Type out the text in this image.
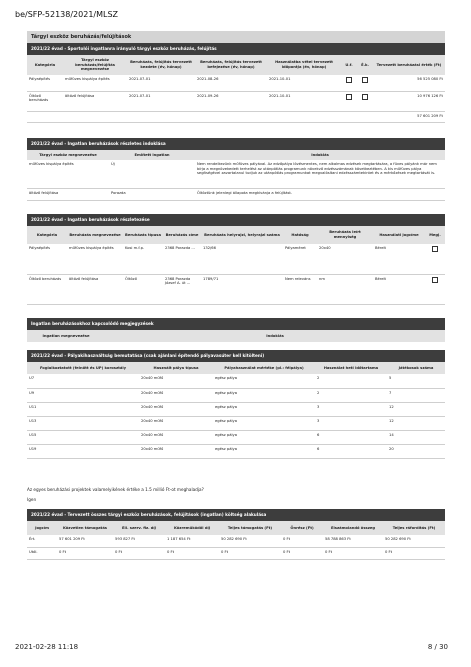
be/SFP-52138/2021/MLSZ
Tárgyi eszköz beruházás/felújítások
2021/22 évad - Sportolói ingatlanra irányuló tárgyi eszköz beruházás, felújítás
Kategória	Tárgyi eszköz beruházás/felújítás megnevezése	Beruházás, felújítás tervezett kezdete (év, hónap)	Beruházás, felújítás tervezett befejezése (év, hónap)	Használatba vétel tervezett időpontja (év, hónap)	U.f.	É.k.	Tervezett beruházási érték (Ft)
Pályaépítés	műfüves kispálya építés	2021-07-01	2021-08-26	2021-10-01			56 525 080 Ft
Öltöző beruházás	öltöző felújítása	2021-07-01	2021-09-26	2021-10-01			10 976 126 Ft
							57 601 209 Ft
2021/22 évad - Ingatlan beruházások részletes indoklása
Tárgyi eszköz megnevezése	Említett ingatlan	Indoklás
műfüves kispálya építés	Új	Nem rendelkezünk műfüves pályával. Az edzőpálya lövésmentes, nem alkalmas edzések megtartására, a füves pályánk már nem bírja a megnövekedett terhelést az utánpótlás programunk növekvő edzésszámának következtében. A kis műfüves pálya segítségével zavartalanul tudjuk az utánpótlás programunkat megvalósítani edzésszámtekintet és a mérkőzések megtartását is.
öltöző felújítása	Porazda	Öltöztünk jelenlegi állapota megkívánja a felújítást.
2021/22 évad - Ingatlan beruházások részletezése
Kategória	Beruházás megnevezése	Beruházás típusa	Beruházás címe	Beruházás helyrajzi, helyrajzi száma	Hatóság	Beruházás leírt mennyiség	Használati jogcíme	Megj.
Pályaépítés	műfüves kispálya építés	Kosi m.f.p.	2368 Porazda ...	132/66	Pályaméret	20x40	Bérelt	
Öltöző beruházás	öltöző felújítása	Öltöző	2368 Porazda József A. út ...	1789/71	Nem releváns	nm	Bérelt	
Ingatlan beruházásokhoz kapcsolódó megjegyzések
Ingatlan megnevezése	Indoklás
2021/22 évad - Pályakihasználtság bemutatása (csak ajánlani építendő pályavasúter kell kitölteni)
Foglalkoztatott (felnőtt és UP) korosztály	Használt pálya típusa	Pályahasználat mértéke (pl.: félpálya)	Használat heti időtartama	Játékosok száma
U7	20x40 műfű	egész pálya	2	5
U9	20x40 műfű	egész pálya	2	7
U11	20x40 műfű	egész pálya	3	12
U13	20x40 műfű	egész pálya	3	12
U15	20x40 műfű	egész pálya	6	14
U19	20x40 műfű	egész pálya	6	20
Az egyes beruházási projektek valamelyikének értéke a 1.5 millió Ft-ot meghaladja?
Igen
2021/22 évad - Tervezett összes tárgyi eszköz beruházások, felújítások (ingatlan) költség alakulása
Jogcím	Közvetlen támogatás	Ell. szerv. fiz. díj	Közreműködői díj	Teljes támogatás (Ft)	Önrész (Ft)	Elszámolandó összeg	Teljes ráfordítás (Ft)
Ért.	57 601 209 Ft	593 827 Ft	1 187 654 Ft	50 282 690 Ft	0 Ft	58 788 863 Ft	50 282 690 Ft
Utól.	0 Ft	0 Ft	0 Ft	0 Ft	0 Ft	0 Ft	0 Ft
2021-02-28 11:18	8 / 30
